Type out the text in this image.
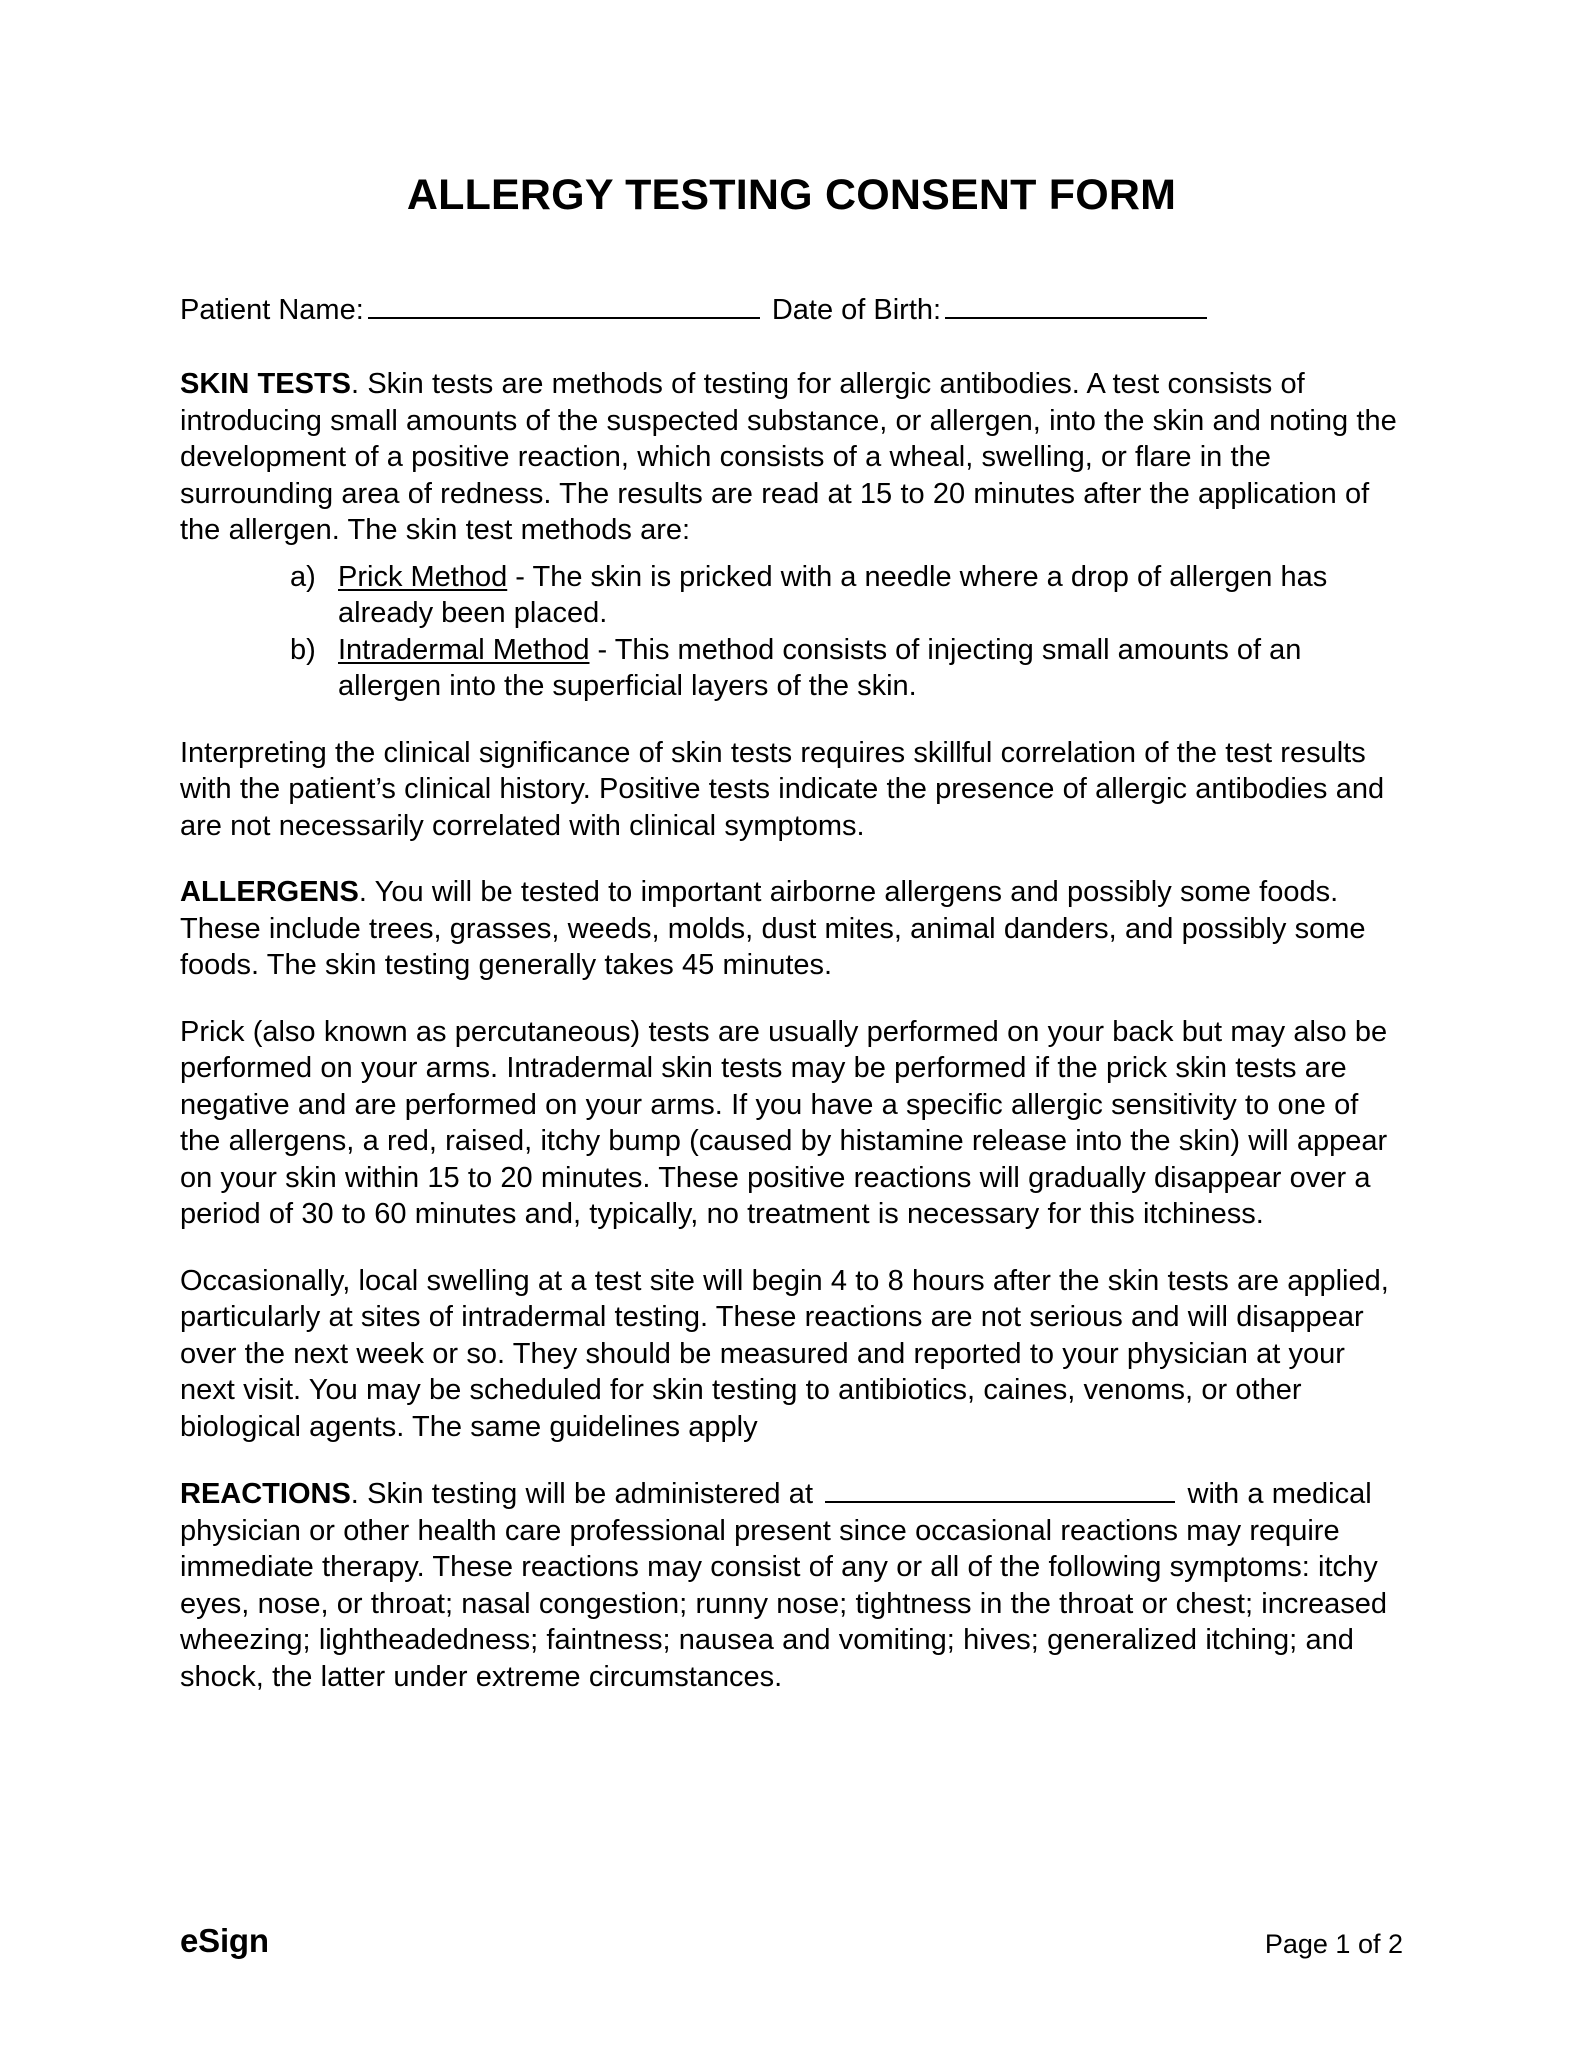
ALLERGY TESTING CONSENT FORM
Patient Name:	Date of Birth:

SKIN TESTS. Skin tests are methods of testing for allergic antibodies. A test consists of introducing small amounts of the suspected substance, or allergen, into the skin and noting the development of a positive reaction, which consists of a wheal, swelling, or flare in the surrounding area of redness. The results are read at 15 to 20 minutes after the application of the allergen. The skin test methods are:

a) Prick Method - The skin is pricked with a needle where a drop of allergen has already been placed.
b) Intradermal Method - This method consists of injecting small amounts of an allergen into the superficial layers of the skin.

Interpreting the clinical significance of skin tests requires skillful correlation of the test results with the patient’s clinical history. Positive tests indicate the presence of allergic antibodies and are not necessarily correlated with clinical symptoms.

ALLERGENS. You will be tested to important airborne allergens and possibly some foods. These include trees, grasses, weeds, molds, dust mites, animal danders, and possibly some foods. The skin testing generally takes 45 minutes.

Prick (also known as percutaneous) tests are usually performed on your back but may also be performed on your arms. Intradermal skin tests may be performed if the prick skin tests are negative and are performed on your arms. If you have a specific allergic sensitivity to one of the allergens, a red, raised, itchy bump (caused by histamine release into the skin) will appear on your skin within 15 to 20 minutes. These positive reactions will gradually disappear over a period of 30 to 60 minutes and, typically, no treatment is necessary for this itchiness.

Occasionally, local swelling at a test site will begin 4 to 8 hours after the skin tests are applied, particularly at sites of intradermal testing. These reactions are not serious and will disappear over the next week or so. They should be measured and reported to your physician at your next visit. You may be scheduled for skin testing to antibiotics, caines, venoms, or other biological agents. The same guidelines apply

REACTIONS. Skin testing will be administered at	with a medical physician or other health care professional present since occasional reactions may require immediate therapy. These reactions may consist of any or all of the following symptoms: itchy eyes, nose, or throat; nasal congestion; runny nose; tightness in the throat or chest; increased wheezing; lightheadedness; faintness; nausea and vomiting; hives; generalized itching; and shock, the latter under extreme circumstances.

eSign	Page 1 of 2
